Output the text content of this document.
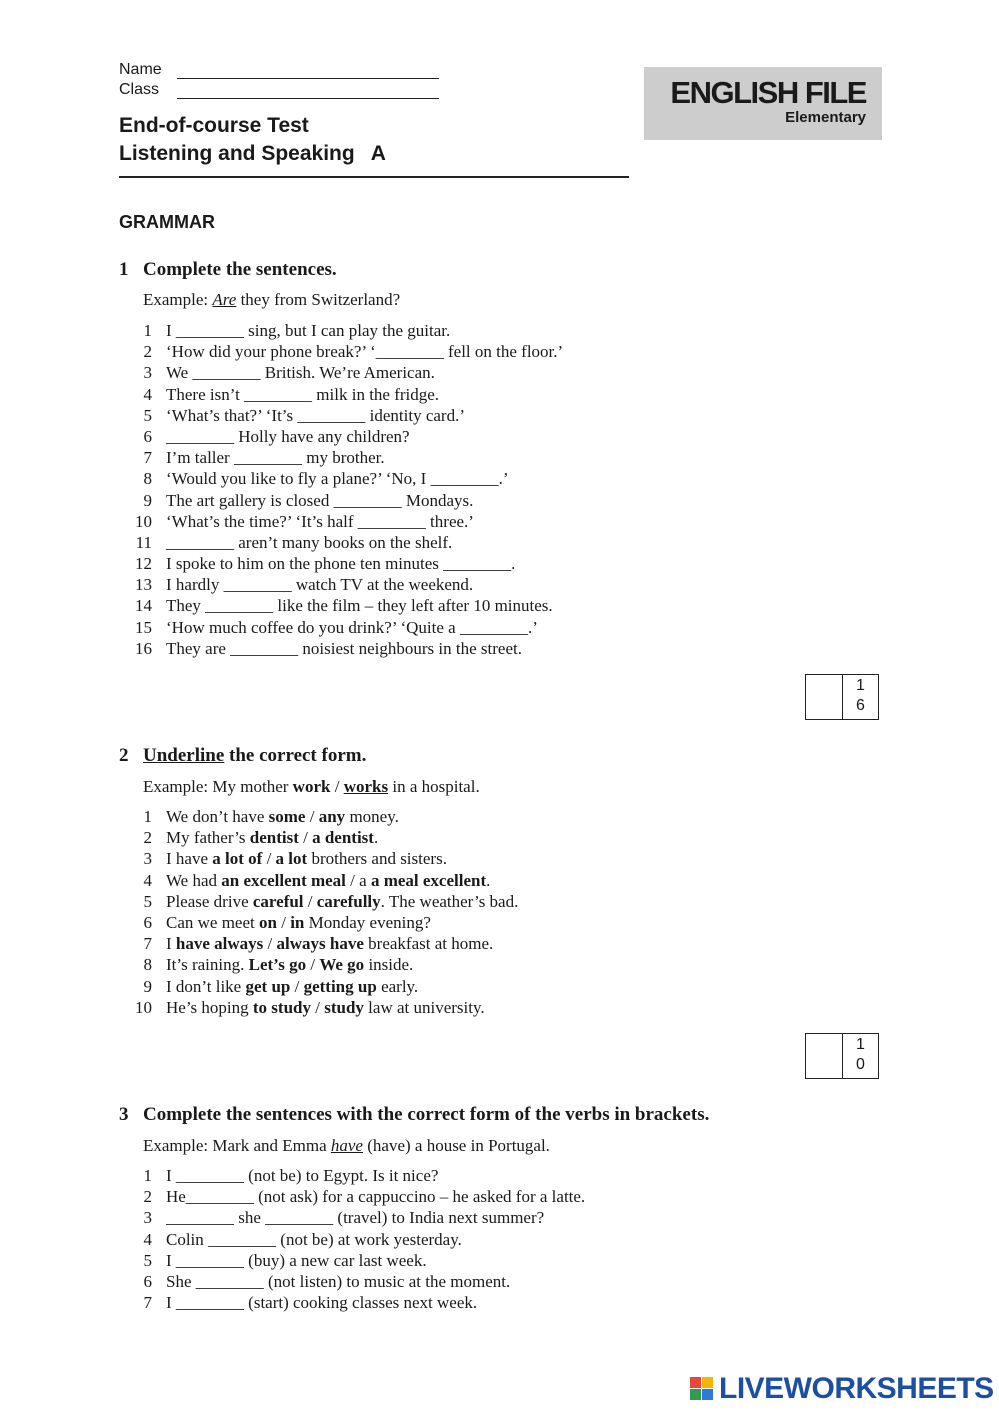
Name
Class
End-of-course Test
Listening and Speaking A
ENGLISH FILE
Elementary
GRAMMAR
1 Complete the sentences.
Example: Are they from Switzerland?
1 I ________ sing, but I can play the guitar.
2 ‘How did your phone break?’ ‘________ fell on the floor.’
3 We ________ British. We’re American.
4 There isn’t ________ milk in the fridge.
5 ‘What’s that?’ ‘It’s ________ identity card.’
6 ________ Holly have any children?
7 I’m taller ________ my brother.
8 ‘Would you like to fly a plane?’ ‘No, I ________.’
9 The art gallery is closed ________ Mondays.
10 ‘What’s the time?’ ‘It’s half ________ three.’
11 ________ aren’t many books on the shelf.
12 I spoke to him on the phone ten minutes ________.
13 I hardly ________ watch TV at the weekend.
14 They ________ like the film – they left after 10 minutes.
15 ‘How much coffee do you drink?’ ‘Quite a ________.’
16 They are ________ noisiest neighbours in the street.
1
6
2 Underline the correct form.
Example: My mother work / works in a hospital.
1 We don’t have some / any money.
2 My father’s dentist / a dentist.
3 I have a lot of / a lot brothers and sisters.
4 We had an excellent meal / a a meal excellent.
5 Please drive careful / carefully. The weather’s bad.
6 Can we meet on / in Monday evening?
7 I have always / always have breakfast at home.
8 It’s raining. Let’s go / We go inside.
9 I don’t like get up / getting up early.
10 He’s hoping to study / study law at university.
1
0
3 Complete the sentences with the correct form of the verbs in brackets.
Example: Mark and Emma have (have) a house in Portugal.
1 I ________ (not be) to Egypt. Is it nice?
2 He________ (not ask) for a cappuccino – he asked for a latte.
3 ________ she ________ (travel) to India next summer?
4 Colin ________ (not be) at work yesterday.
5 I ________ (buy) a new car last week.
6 She ________ (not listen) to music at the moment.
7 I ________ (start) cooking classes next week.
LIVEWORKSHEETS
